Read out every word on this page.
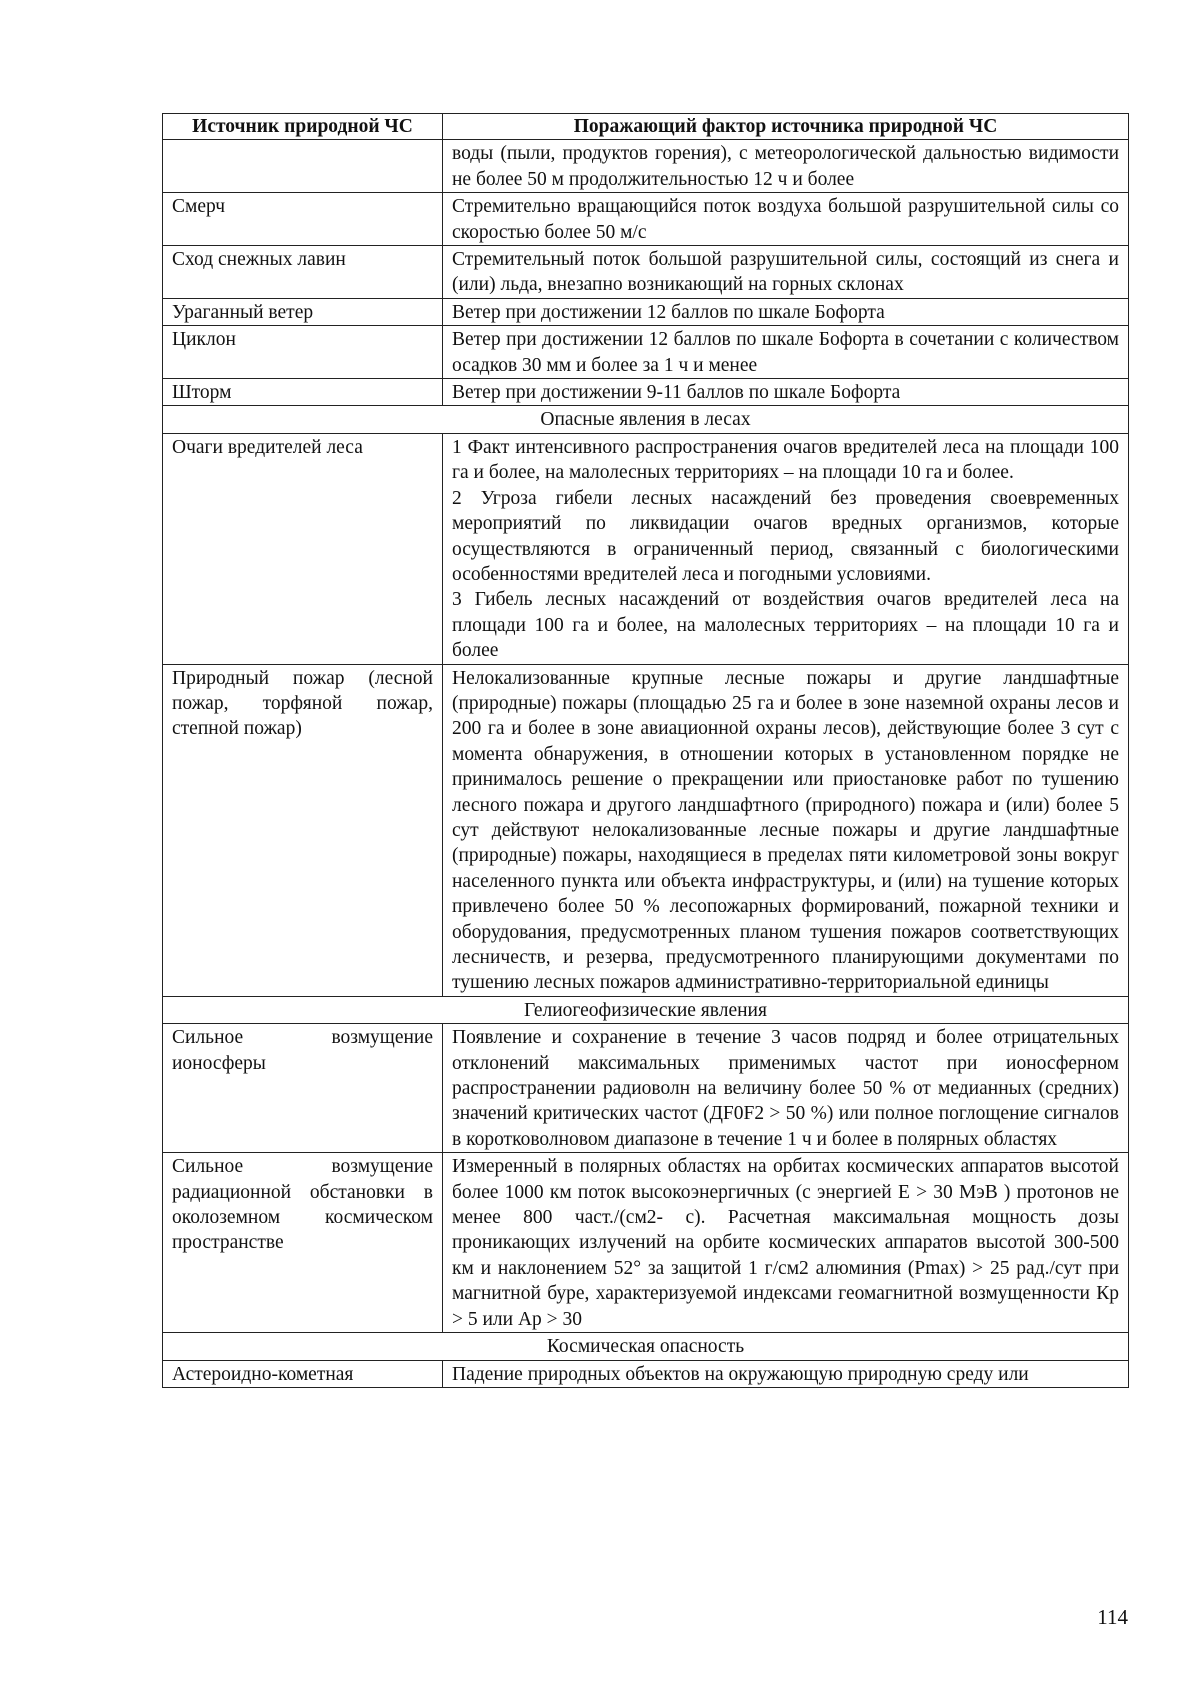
Источник природной ЧС	Поражающий фактор источника природной ЧС

	воды (пыли, продуктов горения), с метеорологической дальностью видимости не более 50 м продолжительностью 12 ч и более

Смерч	Стремительно вращающийся поток воздуха большой разрушительной силы со скоростью более 50 м/с

Сход снежных лавин	Стремительный поток большой разрушительной силы, состоящий из снега и (или) льда, внезапно возникающий на горных склонах

Ураганный ветер	Ветер при достижении 12 баллов по шкале Бофорта

Циклон	Ветер при достижении 12 баллов по шкале Бофорта в сочетании с количеством осадков 30 мм и более за 1 ч и менее

Шторм	Ветер при достижении 9-11 баллов по шкале Бофорта

Опасные явления в лесах	
Очаги вредителей леса	1 Факт интенсивного распространения очагов вредителей леса на площади 100 га и более, на малолесных территориях – на площади 10 га и более.
2 Угроза гибели лесных насаждений без проведения своевременных мероприятий по ликвидации очагов вредных организмов, которые осуществляются в ограниченный период, связанный с биологическими особенностями вредителей леса и погодными условиями.
3 Гибель лесных насаждений от воздействия очагов вредителей леса на площади 100 га и более, на малолесных территориях – на площади 10 га и более

Природный пожар (лесной пожар, торфяной пожар, степной пожар)	Нелокализованные крупные лесные пожары и другие ландшафтные (природные) пожары (площадью 25 га и более в зоне наземной охраны лесов и 200 га и более в зоне авиационной охраны лесов), действующие более 3 сут с момента обнаружения, в отношении которых в установленном порядке не принималось решение о прекращении или приостановке работ по тушению лесного пожара и другого ландшафтного (природного) пожара и (или) более 5 сут действуют нелокализованные лесные пожары и другие ландшафтные (природные) пожары, находящиеся в пределах пяти километровой зоны вокруг населенного пункта или объекта инфраструктуры, и (или) на тушение которых привлечено более 50 % лесопожарных формирований, пожарной техники и оборудования, предусмотренных планом тушения пожаров соответствующих лесничеств, и резерва, предусмотренного планирующими документами по тушению лесных пожаров административно-территориальной единицы

Гелиогеофизические явления	
Сильное возмущение ионосферы	Появление и сохранение в течение 3 часов подряд и более отрицательных отклонений максимальных применимых частот при ионосферном распространении радиоволн на величину более 50 % от медианных (средних) значений критических частот (ДF0F2 > 50 %) или полное поглощение сигналов в коротковолновом диапазоне в течение 1 ч и более в полярных областях

Сильное возмущение радиационной обстановки в околоземном космическом пространстве	Измеренный в полярных областях на орбитах космических аппаратов высотой более 1000 км поток высокоэнергичных (с энергией Е > 30 МэВ ) протонов не менее 800 част./(см2- с). Расчетная максимальная мощность дозы проникающих излучений на орбите космических аппаратов высотой 300-500 км и наклонением 52° за защитой 1 г/см2 алюминия (Рmax) > 25 рад./сут при магнитной буре, характеризуемой индексами геомагнитной возмущенности Кр > 5 или Ар > 30

Космическая опасность	
Астероидно-кометная	Падение природных объектов на окружающую природную среду или
114
